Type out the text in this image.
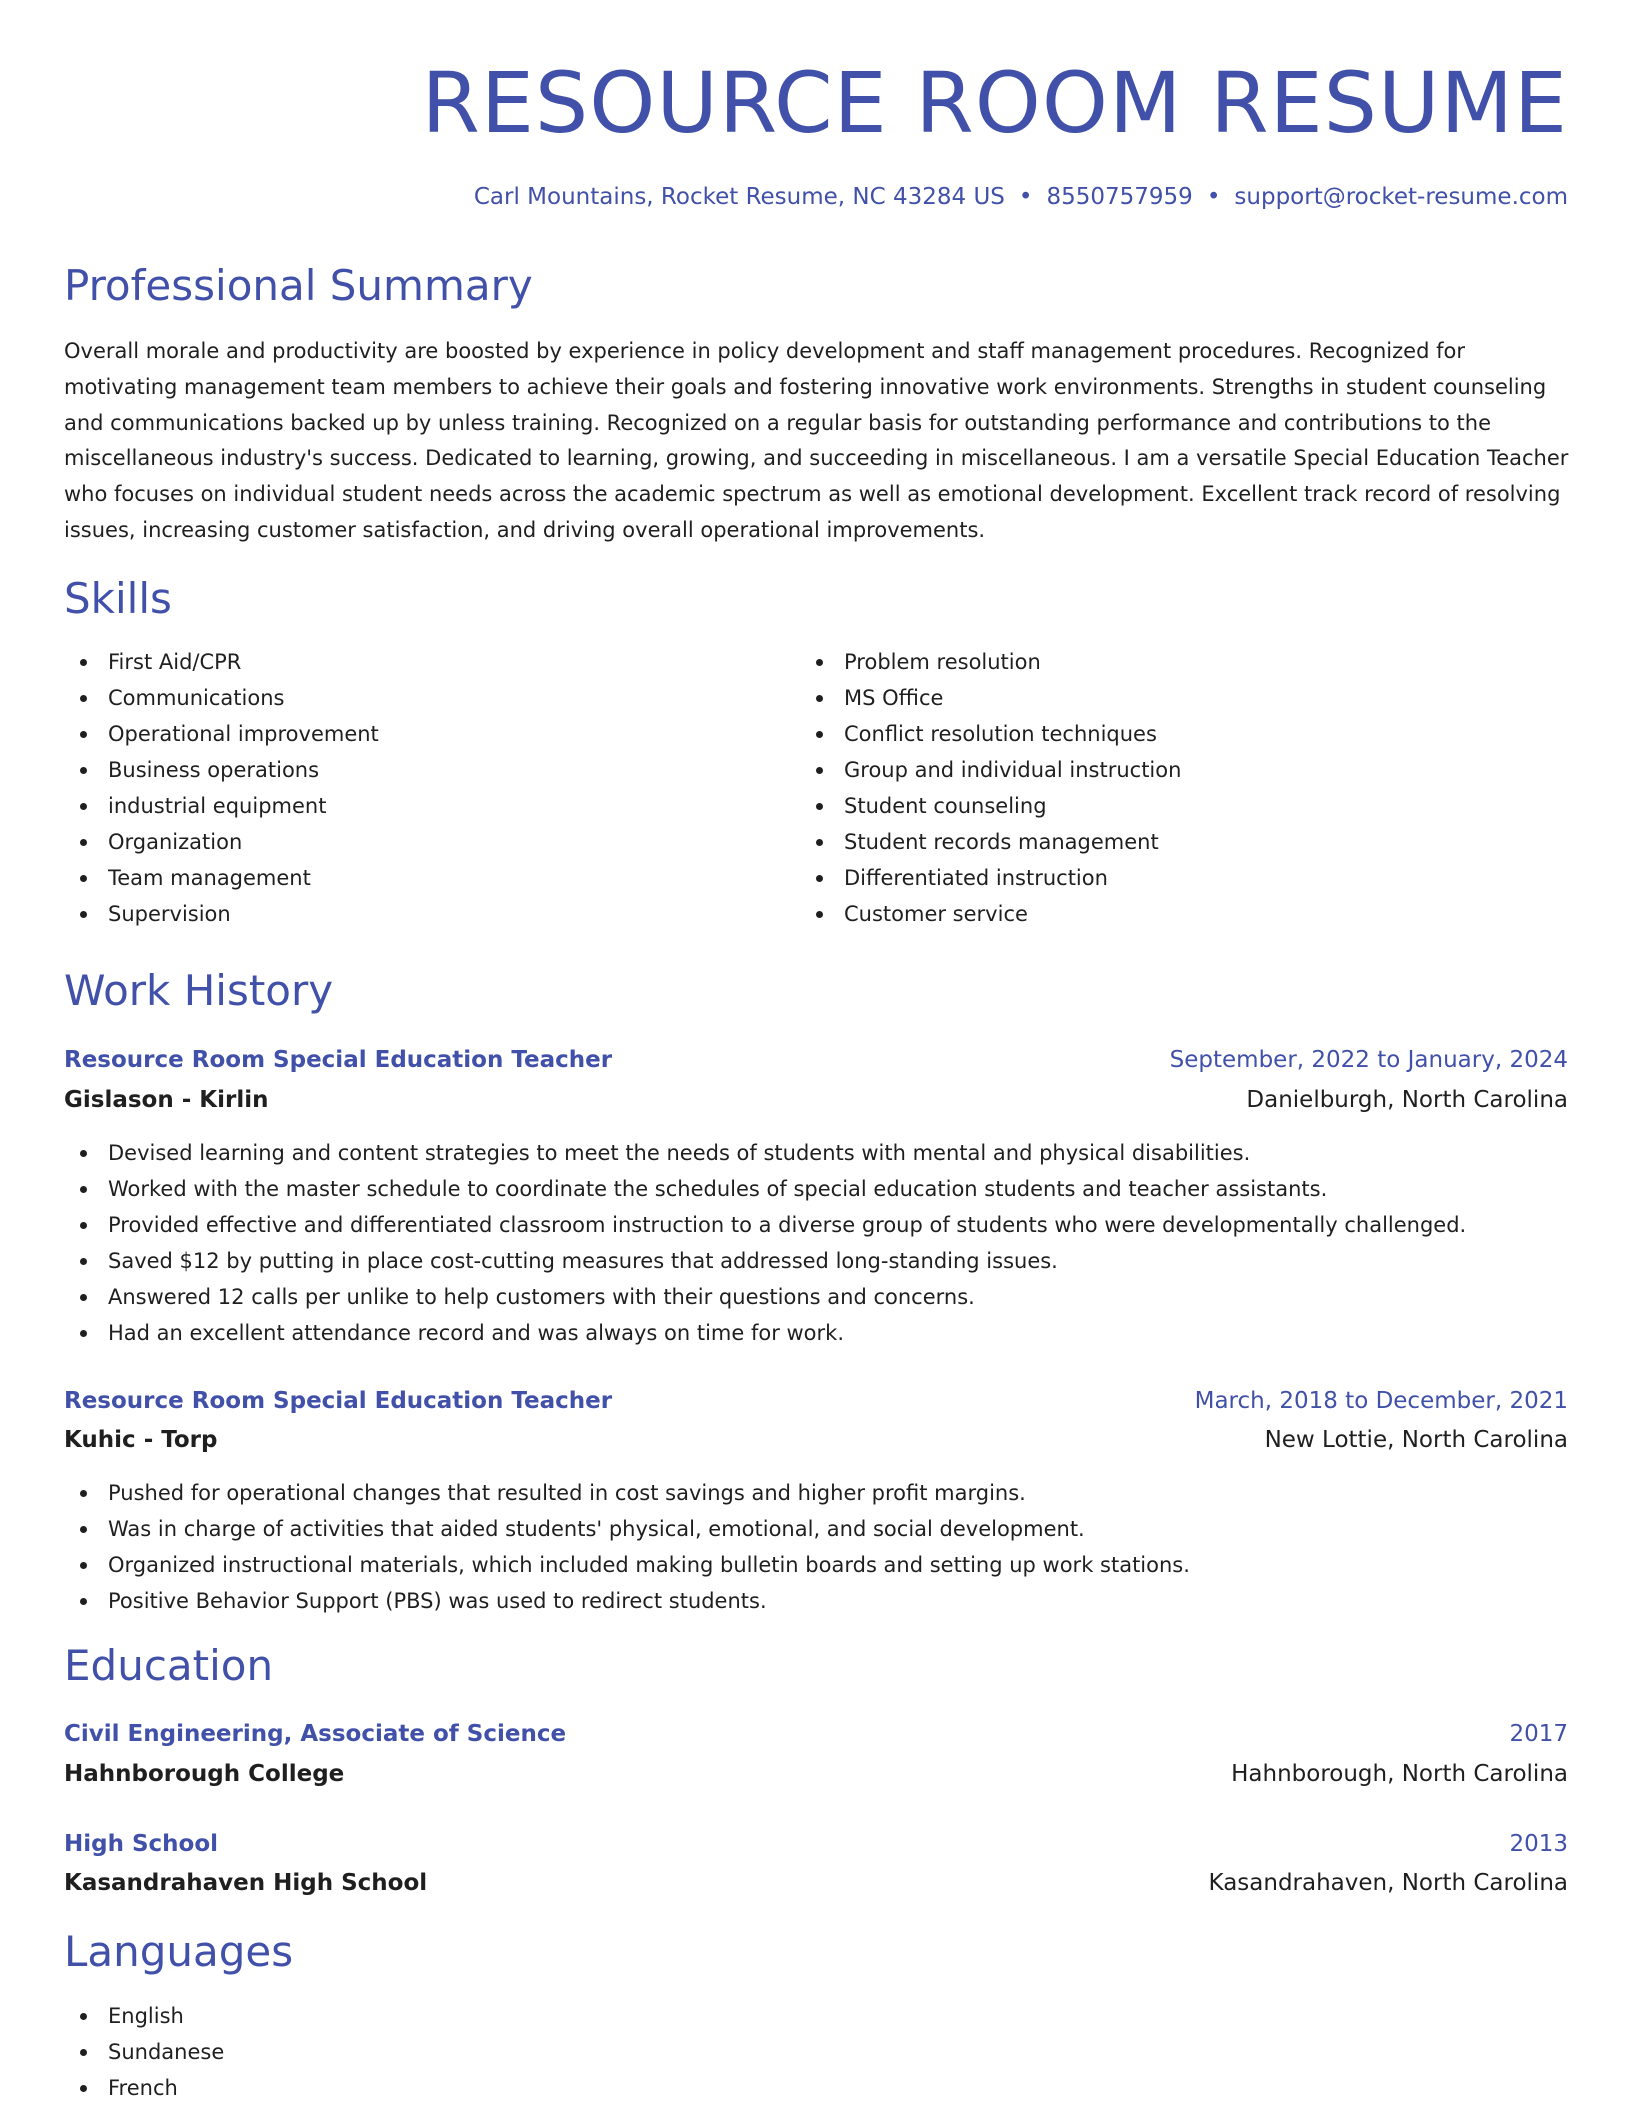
RESOURCE ROOM RESUME
Carl Mountains, Rocket Resume, NC 43284 US • 8550757959 • support@rocket-resume.com
Professional Summary

Overall morale and productivity are boosted by experience in policy development and staff management procedures. Recognized for motivating management team members to achieve their goals and fostering innovative work environments. Strengths in student counseling and communications backed up by unless training. Recognized on a regular basis for outstanding performance and contributions to the miscellaneous industry's success. Dedicated to learning, growing, and succeeding in miscellaneous. I am a versatile Special Education Teacher who focuses on individual student needs across the academic spectrum as well as emotional development. Excellent track record of resolving issues, increasing customer satisfaction, and driving overall operational improvements.

Skills
First Aid/CPR
Communications
Operational improvement
Business operations
industrial equipment
Organization
Team management
Supervision
Problem resolution
MS Office
Conflict resolution techniques
Group and individual instruction
Student counseling
Student records management
Differentiated instruction
Customer service
Work History
Resource Room Special Education Teacher	September, 2022 to January, 2024
Gislason - Kirlin	Danielburgh, North Carolina
Devised learning and content strategies to meet the needs of students with mental and physical disabilities.
Worked with the master schedule to coordinate the schedules of special education students and teacher assistants.
Provided effective and differentiated classroom instruction to a diverse group of students who were developmentally challenged.
Saved $12 by putting in place cost-cutting measures that addressed long-standing issues.
Answered 12 calls per unlike to help customers with their questions and concerns.
Had an excellent attendance record and was always on time for work.
Resource Room Special Education Teacher	March, 2018 to December, 2021
Kuhic - Torp	New Lottie, North Carolina
Pushed for operational changes that resulted in cost savings and higher profit margins.
Was in charge of activities that aided students' physical, emotional, and social development.
Organized instructional materials, which included making bulletin boards and setting up work stations.
Positive Behavior Support (PBS) was used to redirect students.
Education
Civil Engineering, Associate of Science	2017
Hahnborough College	Hahnborough, North Carolina
High School	2013
Kasandrahaven High School	Kasandrahaven, North Carolina
Languages
English
Sundanese
French
